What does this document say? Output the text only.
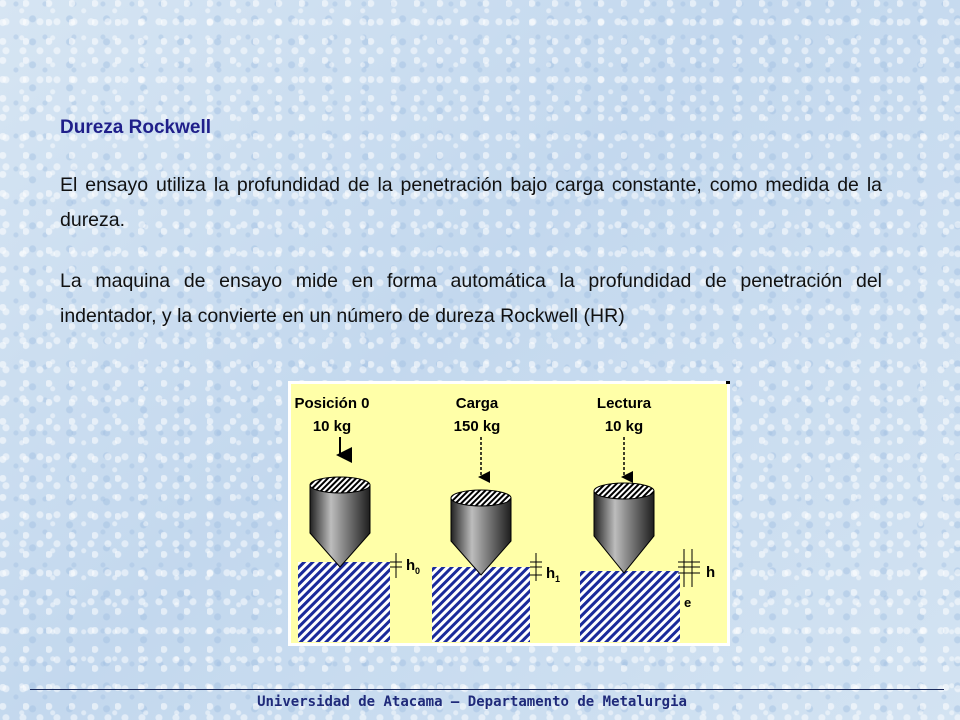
Dureza Rockwell
El ensayo utiliza la profundidad de la penetración bajo carga constante, como medida de la dureza.
La maquina de ensayo mide en forma automática la profundidad de penetración del indentador, y la convierte en un número de dureza Rockwell (HR)
Posición 0
10 kg
h 0
Carga
150 kg
h 1
Lectura
10 kg
h
e
Universidad de Atacama – Departamento de Metalurgia
